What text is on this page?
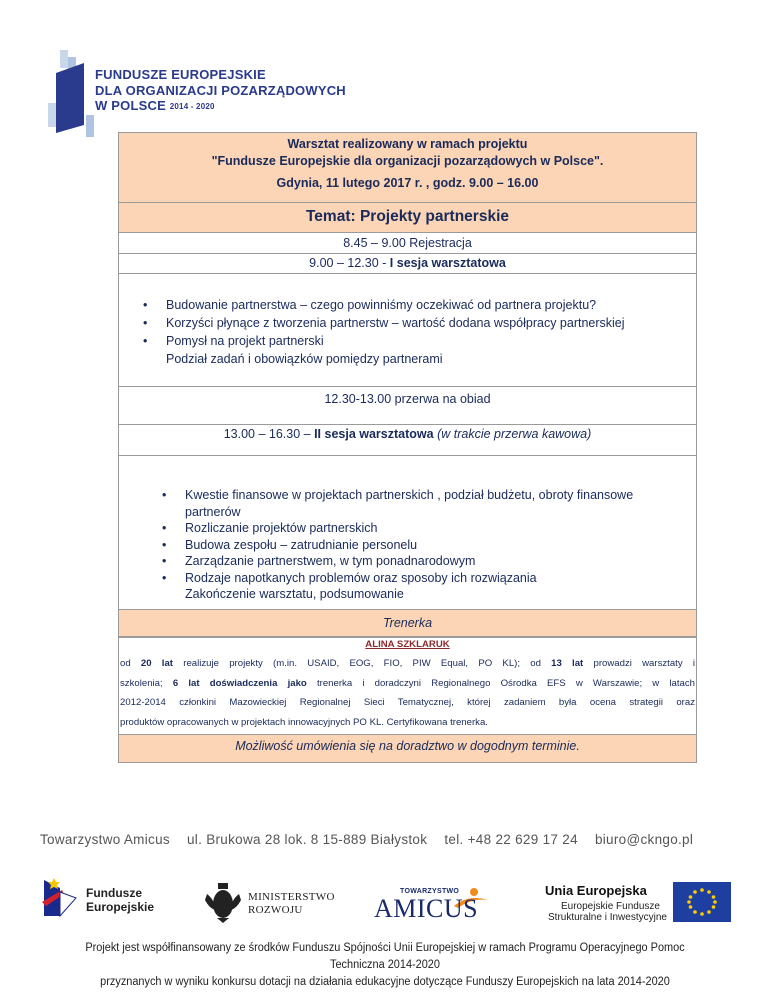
FUNDUSZE EUROPEJSKIE
DLA ORGANIZACJI POZARZĄDOWYCH
W POLSCE 2014 - 2020
Warsztat realizowany w ramach projektu
"Fundusze Europejskie dla organizacji pozarządowych w Polsce".
Gdynia, 11 lutego 2017 r. , godz. 9.00 – 16.00
Temat: Projekty partnerskie
8.45 – 9.00 Rejestracja
9.00 – 12.30 - I sesja warsztatowa
• Budowanie partnerstwa – czego powinniśmy oczekiwać od partnera projektu?
• Korzyści płynące z tworzenia partnerstw – wartość dodana współpracy partnerskiej
• Pomysł na projekt partnerski
Podział zadań i obowiązków pomiędzy partnerami
12.30-13.00 przerwa na obiad
13.00 – 16.30 – II sesja warsztatowa (w trakcie przerwa kawowa)
• Kwestie finansowe w projektach partnerskich , podział budżetu, obroty finansowe partnerów
• Rozliczanie projektów partnerskich
• Budowa zespołu – zatrudnianie personelu
• Zarządzanie partnerstwem, w tym ponadnarodowym
• Rodzaje napotkanych problemów oraz sposoby ich rozwiązania
Zakończenie warsztatu, podsumowanie
Trenerka
ALINA SZKLARUK
od 20 lat realizuje projekty (m.in. USAID, EOG, FIO, PIW Equal, PO KL); od 13 lat prowadzi warsztaty i
szkolenia; 6 lat doświadczenia jako trenerka i doradczyni Regionalnego Ośrodka EFS w Warszawie; w latach
2012-2014 członkini Mazowieckiej Regionalnej Sieci Tematycznej, której zadaniem była ocena strategii oraz
produktów opracowanych w projektach innowacyjnych PO KL. Certyfikowana trenerka.
Możliwość umówienia się na doradztwo w dogodnym terminie.
Towarzystwo Amicus ul. Brukowa 28 lok. 8 15-889 Białystok tel. +48 22 629 17 24 biuro@ckngo.pl
Fundusze
Europejskie
MINISTERSTWO
ROZWOJU
TOWARZYSTWO
AMICUS
Unia Europejska
Europejskie Fundusze
Strukturalne i Inwestycyjne
Projekt jest współfinansowany ze środków Funduszu Spójności Unii Europejskiej w ramach Programu Operacyjnego Pomoc Techniczna 2014-2020
przyznanych w wyniku konkursu dotacji na działania edukacyjne dotyczące Funduszy Europejskich na lata 2014-2020
